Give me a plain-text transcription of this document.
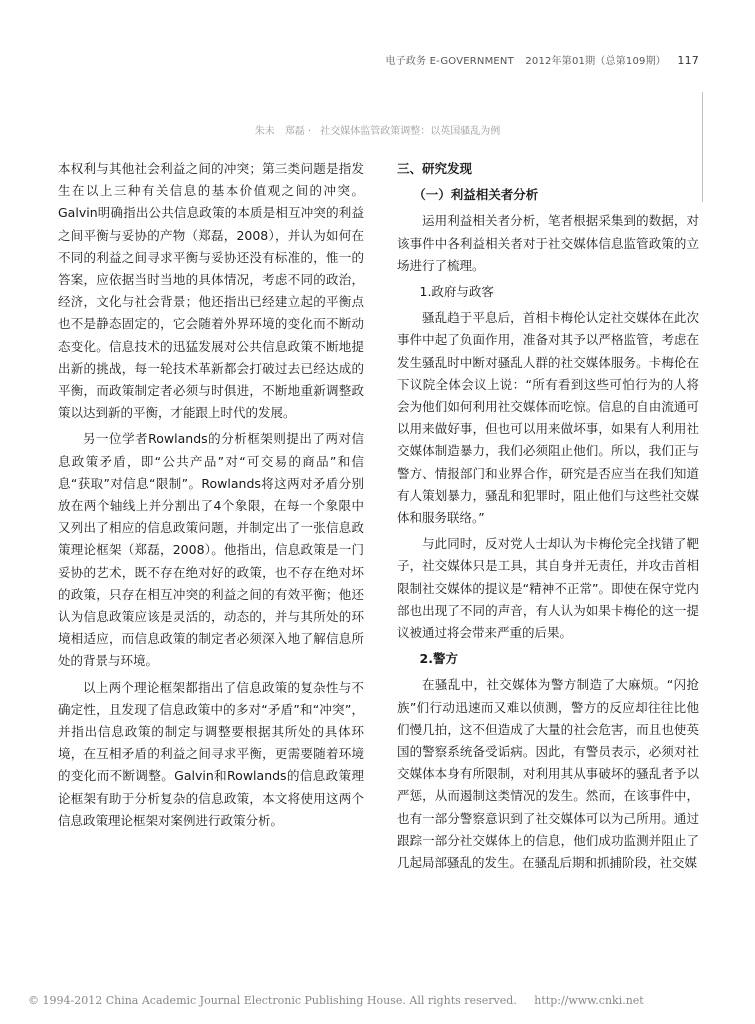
电子政务 E-GOVERNMENT 2012年第01期（总第109期） 117
朱未　郑磊 · 社交媒体监管政策调整：以英国骚乱为例

本权利与其他社会利益之间的冲突；第三类问题是指发生在以上三种有关信息的基本价值观之间的冲突。Galvin明确指出公共信息政策的本质是相互冲突的利益之间平衡与妥协的产物（郑磊，2008），并认为如何在不同的利益之间寻求平衡与妥协还没有标准的，惟一的答案，应依据当时当地的具体情况，考虑不同的政治，经济，文化与社会背景；他还指出已经建立起的平衡点也不是静态固定的，它会随着外界环境的变化而不断动态变化。信息技术的迅猛发展对公共信息政策不断地提出新的挑战，每一轮技术革新都会打破过去已经达成的平衡，而政策制定者必须与时俱进，不断地重新调整政策以达到新的平衡，才能跟上时代的发展。

另一位学者Rowlands的分析框架则提出了两对信息政策矛盾，即“公共产品”对“可交易的商品”和信息“获取”对信息“限制”。Rowlands将这两对矛盾分别放在两个轴线上并分割出了4个象限，在每一个象限中又列出了相应的信息政策问题，并制定出了一张信息政策理论框架（郑磊，2008）。他指出，信息政策是一门妥协的艺术，既不存在绝对好的政策，也不存在绝对坏的政策，只存在相互冲突的利益之间的有效平衡；他还认为信息政策应该是灵活的，动态的，并与其所处的环境相适应，而信息政策的制定者必须深入地了解信息所处的背景与环境。

以上两个理论框架都指出了信息政策的复杂性与不确定性，且发现了信息政策中的多对“矛盾”和“冲突”，并指出信息政策的制定与调整要根据其所处的具体环境，在互相矛盾的利益之间寻求平衡，更需要随着环境的变化而不断调整。Galvin和Rowlands的信息政策理论框架有助于分析复杂的信息政策，本文将使用这两个信息政策理论框架对案例进行政策分析。

三、研究发现
（一）利益相关者分析

运用利益相关者分析，笔者根据采集到的数据，对该事件中各利益相关者对于社交媒体信息监管政策的立场进行了梳理。

1.政府与政客

骚乱趋于平息后，首相卡梅伦认定社交媒体在此次事件中起了负面作用，准备对其予以严格监管，考虑在发生骚乱时中断对骚乱人群的社交媒体服务。卡梅伦在下议院全体会议上说：“所有看到这些可怕行为的人将会为他们如何利用社交媒体而吃惊。信息的自由流通可以用来做好事，但也可以用来做坏事，如果有人利用社交媒体制造暴力，我们必须阻止他们。所以，我们正与警方、情报部门和业界合作，研究是否应当在我们知道有人策划暴力，骚乱和犯罪时，阻止他们与这些社交媒体和服务联络。”

与此同时，反对党人士却认为卡梅伦完全找错了靶子，社交媒体只是工具，其自身并无责任，并攻击首相限制社交媒体的提议是“精神不正常”。即使在保守党内部也出现了不同的声音，有人认为如果卡梅伦的这一提议被通过将会带来严重的后果。

2.警方

在骚乱中，社交媒体为警方制造了大麻烦。“闪抢族”们行动迅速而又难以侦测，警方的反应却往往比他们慢几拍，这不但造成了大量的社会危害，而且也使英国的警察系统备受诟病。因此，有警员表示，必须对社交媒体本身有所限制，对利用其从事破坏的骚乱者予以严惩，从而遏制这类情况的发生。然而，在该事件中，也有一部分警察意识到了社交媒体可以为己所用。通过跟踪一部分社交媒体上的信息，他们成功监测并阻止了几起局部骚乱的发生。在骚乱后期和抓捕阶段，社交媒

© 1994-2012 China Academic Journal Electronic Publishing House. All rights reserved. http://www.cnki.net
